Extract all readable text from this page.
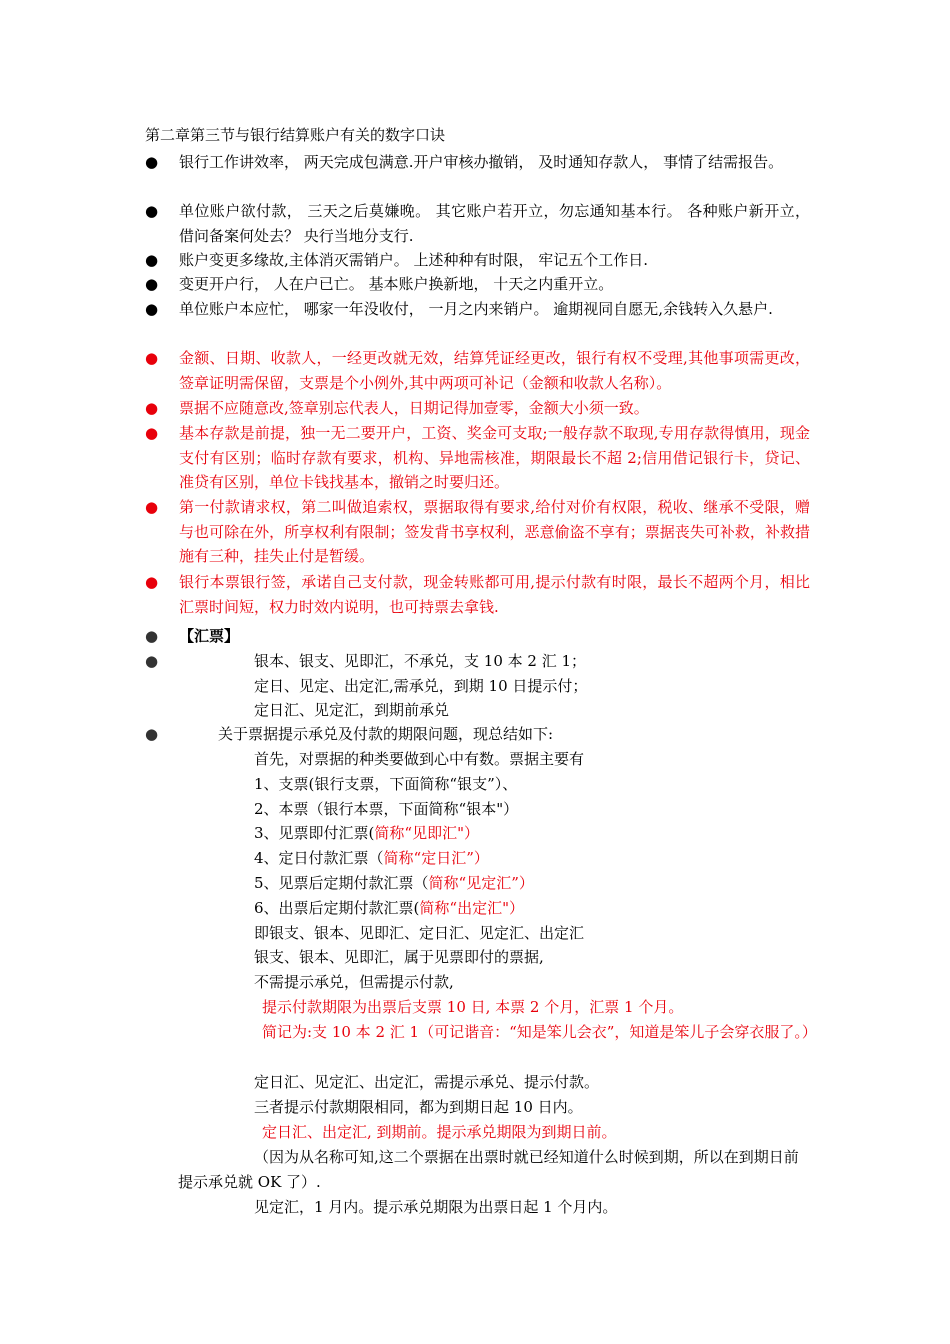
第二章第三节与银行结算账户有关的数字口诀
● 银行工作讲效率， 两天完成包满意.开户审核办撤销， 及时通知存款人， 事情了结需报告。
● 单位账户欲付款， 三天之后莫嫌晚。 其它账户若开立，勿忘通知基本行。 各种账户新开立， 借问备案何处去？ 央行当地分支行.
● 账户变更多缘故,主体消灭需销户。 上述种种有时限， 牢记五个工作日.
● 变更开户行， 人在户已亡。 基本账户换新地， 十天之内重开立。
● 单位账户本应忙， 哪家一年没收付， 一月之内来销户。 逾期视同自愿无,余钱转入久悬户.
● 金额、日期、收款人，一经更改就无效，结算凭证经更改，银行有权不受理,其他事项需更改，签章证明需保留，支票是个小例外,其中两项可补记（金额和收款人名称）。
● 票据不应随意改,签章别忘代表人，日期记得加壹零，金额大小须一致。
● 基本存款是前提，独一无二要开户，工资、奖金可支取;一般存款不取现,专用存款得慎用，现金支付有区别；临时存款有要求，机构、异地需核准，期限最长不超 2;信用借记银行卡，贷记、准贷有区别，单位卡钱找基本，撤销之时要归还。
● 第一付款请求权，第二叫做追索权，票据取得有要求,给付对价有权限，税收、继承不受限，赠与也可除在外，所享权利有限制；签发背书享权利，恶意偷盗不享有；票据丧失可补救，补救措施有三种，挂失止付是暂缓。
● 银行本票银行签，承诺自己支付款，现金转账都可用,提示付款有时限，最长不超两个月，相比汇票时间短，权力时效内说明，也可持票去拿钱.
● 【汇票】
●	银本、银支、见即汇，不承兑，支 10 本 2 汇 1；
定日、见定、出定汇,需承兑，到期 10 日提示付；
定日汇、见定汇，到期前承兑
●	关于票据提示承兑及付款的期限问题，现总结如下:
首先，对票据的种类要做到心中有数。票据主要有
1、支票(银行支票，下面简称“银支”）、
2、本票（银行本票，下面简称“银本"）
3、见票即付汇票(简称“见即汇"）
4、定日付款汇票（简称“定日汇”）
5、见票后定期付款汇票（简称“见定汇”）
6、出票后定期付款汇票(简称“出定汇"）
即银支、银本、见即汇、定日汇、见定汇、出定汇
银支、银本、见即汇，属于见票即付的票据,
不需提示承兑，但需提示付款,
提示付款期限为出票后支票 10 日, 本票 2 个月，汇票 1 个月。
简记为:支 10 本 2 汇 1（可记谐音：“知是笨儿会衣”，知道是笨儿子会穿衣服了。）
定日汇、见定汇、出定汇，需提示承兑、提示付款。
三者提示付款期限相同，都为到期日起 10 日内。
定日汇、出定汇, 到期前。提示承兑期限为到期日前。
（因为从名称可知,这二个票据在出票时就已经知道什么时候到期，所以在到期日前提示承兑就 OK 了）.
见定汇，1 月内。提示承兑期限为出票日起 1 个月内。
